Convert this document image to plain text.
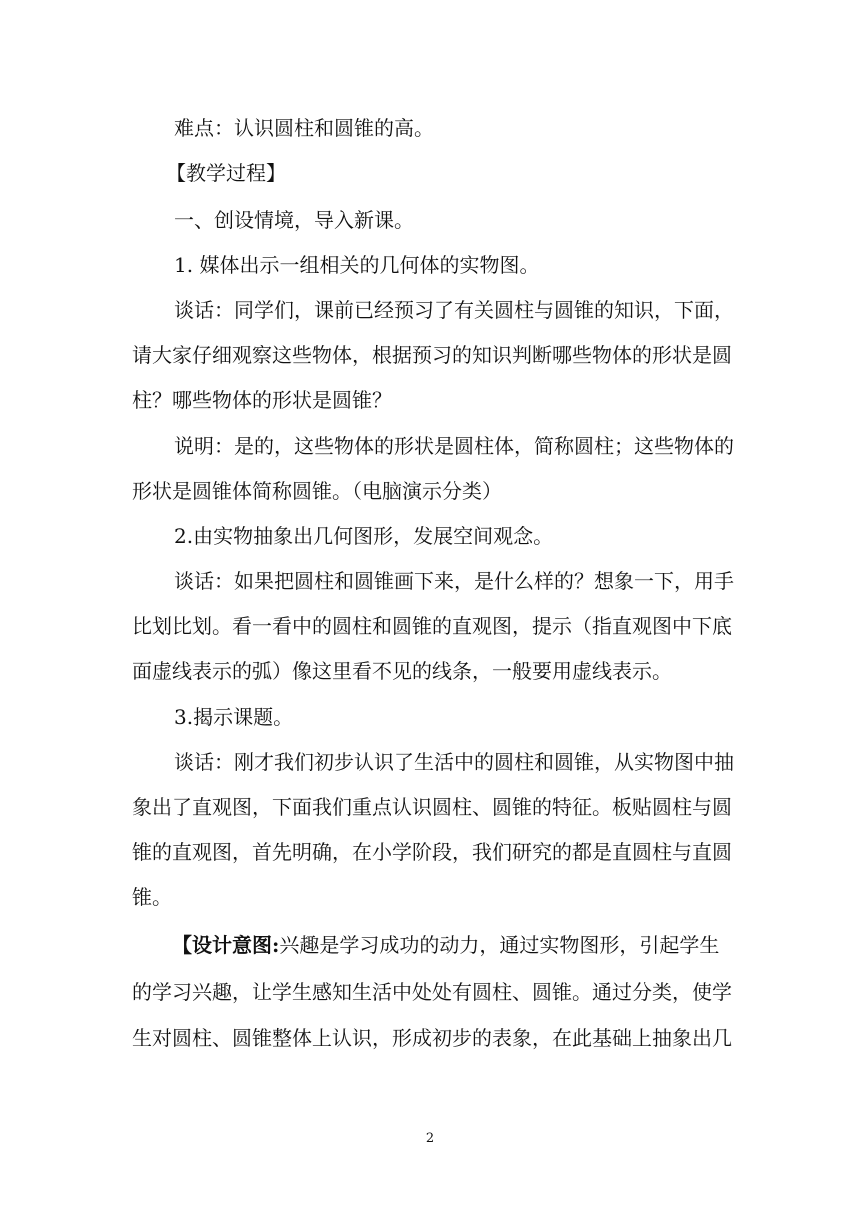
难点：认识圆柱和圆锥的高。
【教学过程】
一、创设情境，导入新课。
1. 媒体出示一组相关的几何体的实物图。
谈话：同学们，课前已经预习了有关圆柱与圆锥的知识，下面，
请大家仔细观察这些物体，根据预习的知识判断哪些物体的形状是圆
柱？哪些物体的形状是圆锥？
说明：是的，这些物体的形状是圆柱体，简称圆柱；这些物体的
形状是圆锥体简称圆锥。（电脑演示分类）
2.由实物抽象出几何图形，发展空间观念。
谈话：如果把圆柱和圆锥画下来，是什么样的？想象一下，用手
比划比划。看一看中的圆柱和圆锥的直观图，提示（指直观图中下底
面虚线表示的弧）像这里看不见的线条，一般要用虚线表示。
3.揭示课题。
谈话：刚才我们初步认识了生活中的圆柱和圆锥，从实物图中抽
象出了直观图，下面我们重点认识圆柱、圆锥的特征。板贴圆柱与圆
锥的直观图，首先明确，在小学阶段，我们研究的都是直圆柱与直圆
锥。
【设计意图:兴趣是学习成功的动力，通过实物图形，引起学生
的学习兴趣，让学生感知生活中处处有圆柱、圆锥。通过分类，使学
生对圆柱、圆锥整体上认识，形成初步的表象，在此基础上抽象出几
2
